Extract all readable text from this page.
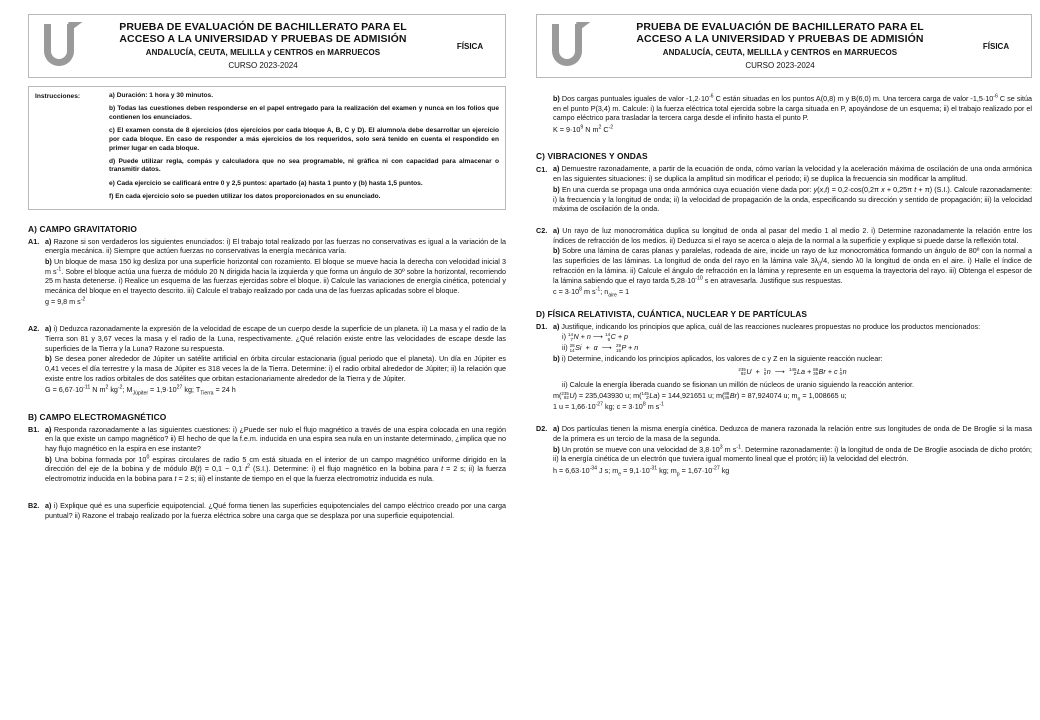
PRUEBA DE EVALUACIÓN DE BACHILLERATO PARA EL
ACCESO A LA UNIVERSIDAD Y PRUEBAS DE ADMISIÓN
ANDALUCÍA, CEUTA, MELILLA y CENTROS en MARRUECOS
CURSO 2023-2024
FÍSICA
Instrucciones:	a) Duración: 1 hora y 30 minutos.

b) Todas las cuestiones deben responderse en el papel entregado para la realización del examen y nunca en los folios que contienen los enunciados.

c) El examen consta de 8 ejercicios (dos ejercicios por cada bloque A, B, C y D). El alumno/a debe desarrollar un ejercicio por cada bloque. En caso de responder a más ejercicios de los requeridos, solo será tenido en cuenta el respondido en primer lugar en cada bloque.

d) Puede utilizar regla, compás y calculadora que no sea programable, ni gráfica ni con capacidad para almacenar o transmitir datos.

e) Cada ejercicio se calificará entre 0 y 2,5 puntos: apartado (a) hasta 1 punto y (b) hasta 1,5 puntos.

f) En cada ejercicio solo se pueden utilizar los datos proporcionados en su enunciado.

A) CAMPO GRAVITATORIO
A1. a) Razone si son verdaderos los siguientes enunciados: i) El trabajo total realizado por las fuerzas no conservativas es igual a la variación de la energía mecánica. ii) Siempre que actúen fuerzas no conservativas la energía mecánica varía.

b) Un bloque de masa 150 kg desliza por una superficie horizontal con rozamiento. El bloque se mueve hacia la derecha con velocidad inicial 3 m $s^{-1}$. Sobre el bloque actúa una fuerza de módulo 20 N dirigida hacia la izquierda y que forma un ángulo de 30º sobre la horizontal, recorriendo 25 m hasta detenerse. i) Realice un esquema de las fuerzas ejercidas sobre el bloque. ii) Calcule las variaciones de energía cinética, potencial y mecánica del bloque en el trayecto descrito. iii) Calcule el trabajo realizado por cada una de las fuerzas aplicadas sobre el bloque.

g = 9,8 m $s^{-2}$

A2. a) i) Deduzca razonadamente la expresión de la velocidad de escape de un cuerpo desde la superficie de un planeta. ii) La masa y el radio de la Tierra son 81 y 3,67 veces la masa y el radio de la Luna, respectivamente. ¿Qué relación existe entre las velocidades de escape desde las superficies de la Tierra y la Luna? Razone su respuesta.

b) Se desea poner alrededor de Júpiter un satélite artificial en órbita circular estacionaria (igual periodo que el planeta). Un día en Júpiter es 0,41 veces el día terrestre y la masa de Júpiter es 318 veces la de la Tierra. Determine: i) el radio orbital alrededor de Júpiter; ii) la relación que existe entre los radios orbitales de dos satélites que orbitan estacionariamente alrededor de la Tierra y de Júpiter.

$G = 6,67\cdot 10^{-11}$ N $m^2$ $kg^{-2}$; $M_{Júpiter} = 1,9\cdot 10^{27}$ kg; $T_{Tierra} = 24$ h

B) CAMPO ELECTROMAGNÉTICO
B1. a) Responda razonadamente a las siguientes cuestiones: i) ¿Puede ser nulo el flujo magnético a través de una espira colocada en una región en la que existe un campo magnético? ii) El hecho de que la f.e.m. inducida en una espira sea nula en un instante determinado, ¿implica que no hay flujo magnético en la espira en ese instante?

b) Una bobina formada por $10^0$ espiras circulares de radio 5 cm está situada en el interior de un campo magnético uniforme dirigido en la dirección del eje de la bobina y de módulo B(t) = 0,1 − 0,1 $t^2$ (S.I.). Determine: i) el flujo magnético en la bobina para t = 2 s; ii) la fuerza electromotriz inducida en la bobina para t = 2 s; iii) el instante de tiempo en el que la fuerza electromotriz inducida es nula.

B2. a) i) Explique qué es una superficie equipotencial. ¿Qué forma tienen las superficies equipotenciales del campo eléctrico creado por una carga puntual? ii) Razone el trabajo realizado por la fuerza eléctrica sobre una carga que se desplaza por una superficie equipotencial.

PRUEBA DE EVALUACIÓN DE BACHILLERATO PARA EL
ACCESO A LA UNIVERSIDAD Y PRUEBAS DE ADMISIÓN
ANDALUCÍA, CEUTA, MELILLA y CENTROS en MARRUECOS
CURSO 2023-2024
FÍSICA

b) Dos cargas puntuales iguales de valor $-1,2\cdot 10^{-6}$ C están situadas en los puntos A(0,8) m y B(6,0) m. Una tercera carga de valor $-1,5\cdot 10^{-6}$ C se sitúa en el punto P(3,4) m. Calcule: i) la fuerza eléctrica total ejercida sobre la carga situada en P, apoyándose de un esquema; ii) el trabajo realizado por el campo eléctrico para trasladar la tercera carga desde el infinito hasta el punto P.

$K = 9\cdot 10^9$ N $m^2$ $C^{-2}$

C) VIBRACIONES Y ONDAS
C1. a) Demuestre razonadamente, a partir de la ecuación de onda, cómo varían la velocidad y la aceleración máxima de oscilación de una onda armónica en las siguientes situaciones: i) se duplica la amplitud sin modificar el periodo; ii) se duplica la frecuencia sin modificar la amplitud.

b) En una cuerda se propaga una onda armónica cuya ecuación viene dada por: y(x,t) = 0,2·cos(0,2π x + 0,25π t + π) (S.I.). Calcule razonadamente: i) la frecuencia y la longitud de onda; ii) la velocidad de propagación de la onda, especificando su dirección y sentido de propagación; iii) la velocidad máxima de oscilación de la onda.

C2. a) Un rayo de luz monocromática duplica su longitud de onda al pasar del medio 1 al medio 2. i) Determine razonadamente la relación entre los índices de refracción de los medios. ii) Deduzca si el rayo se acerca o aleja de la normal a la superficie y explique si puede darse la reflexión total.

b) Sobre una lámina de caras planas y paralelas, rodeada de aire, incide un rayo de luz monocromática formando un ángulo de 80º con la normal a las superficies de las láminas. La longitud de onda del rayo en la lámina vale $3\lambda_0/4$, siendo λ0 la longitud de onda en el aire. i) Halle el índice de refracción en la lámina. ii) Calcule el ángulo de refracción en la lámina y represente en un esquema la trayectoria del rayo. iii) Obtenga el espesor de la lámina sabiendo que el rayo tarda $5,28\cdot 10^{-10}$ s en atravesarla. Justifique sus respuestas.

$c = 3\cdot 10^8$ m $s^{-1}$; $n_{aire} = 1$

D) FÍSICA RELATIVISTA, CUÁNTICA, NUCLEAR Y DE PARTÍCULAS
D1. a) Justifique, indicando los principios que aplica, cuál de las reacciones nucleares propuestas no produce los productos mencionados:

i) 14
7 N + n ⟶ 14
6 C + p

ii) 28
14 Si  +  α  ⟶ 29
15 P + n

b) i) Determine, indicando los principios aplicados, los valores de c y Z en la siguiente reacción nuclear:

235
92 U  + 1
0 n  ⟶ 145
Z La + 88
35 Br + c 1
0 n

ii) Calcule la energía liberada cuando se fisionan un millón de núcleos de uranio siguiendo la reacción anterior.

m( 235
92 U) = 235,043930 u; m( 145
Z La) = 144,921651 u; m( 88
35 Br) = 87,924074 u; $m_n = 1,008665$ u;

1 $u = 1,66\cdot 10^{-27}$ kg; $c = 3\cdot 10^8$ m $s^{-1}$

D2. a) Dos partículas tienen la misma energía cinética. Deduzca de manera razonada la relación entre sus longitudes de onda de De Broglie si la masa de la primera es un tercio de la masa de la segunda.

b) Un protón se mueve con una velocidad de $3,8\cdot 10^3$ m $s^{-1}$. Determine razonadamente: i) la longitud de onda de De Broglie asociada de dicho protón; ii) la energía cinética de un electrón que tuviera igual momento lineal que el protón; iii) la velocidad del electrón.

$h = 6,63\cdot 10^{-34}$ J s; $m_e = 9,1\cdot 10^{-31}$ kg; $m_p = 1,67\cdot 10^{-27}$ kg
